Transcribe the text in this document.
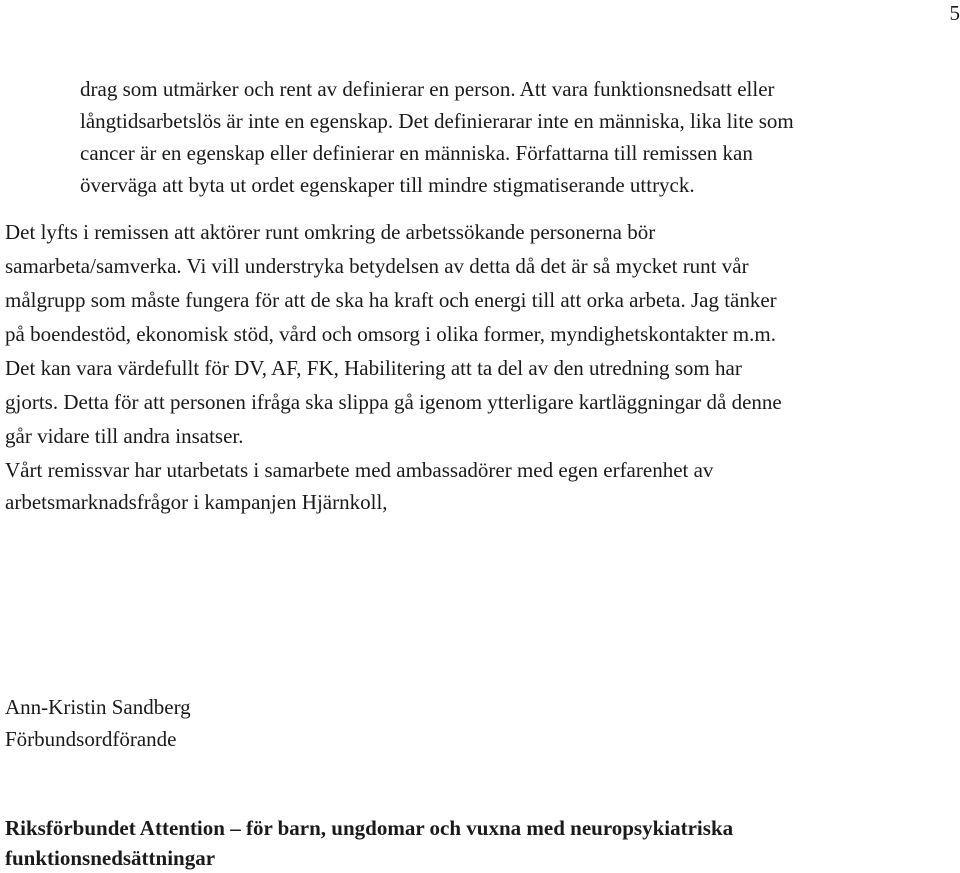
5
drag som utmärker och rent av definierar en person. Att vara funktionsnedsatt eller
långtidsarbetslös är inte en egenskap. Det definierarar inte en människa, lika lite som
cancer är en egenskap eller definierar en människa. Författarna till remissen kan
överväga att byta ut ordet egenskaper till mindre stigmatiserande uttryck.
Det lyfts i remissen att aktörer runt omkring de arbetssökande personerna bör
samarbeta/samverka. Vi vill understryka betydelsen av detta då det är så mycket runt vår
målgrupp som måste fungera för att de ska ha kraft och energi till att orka arbeta. Jag tänker
på boendestöd, ekonomisk stöd, vård och omsorg i olika former, myndighetskontakter m.m.
Det kan vara värdefullt för DV, AF, FK, Habilitering att ta del av den utredning som har
gjorts. Detta för att personen ifråga ska slippa gå igenom ytterligare kartläggningar då denne
går vidare till andra insatser.
Vårt remissvar har utarbetats i samarbete med ambassadörer med egen erfarenhet av
arbetsmarknadsfrågor i kampanjen Hjärnkoll,
Ann-Kristin Sandberg
Förbundsordförande
Riksförbundet Attention – för barn, ungdomar och vuxna med neuropsykiatriska
funktionsnedsättningar
